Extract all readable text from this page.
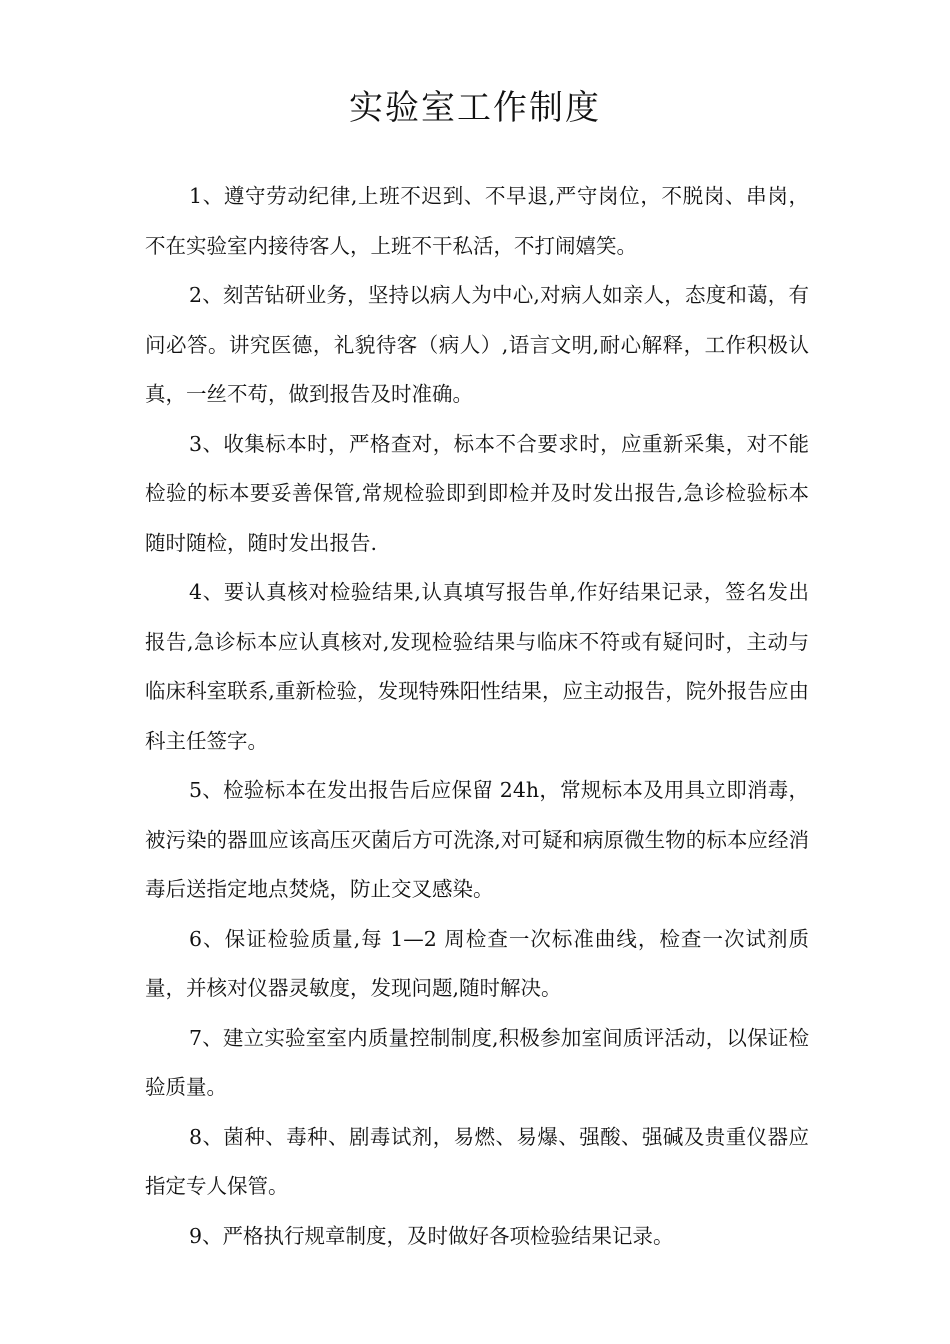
实验室工作制度

1、遵守劳动纪律,上班不迟到、不早退,严守岗位，不脱岗、串岗， 不在实验室内接待客人，上班不干私活，不打闹嬉笑。

2、刻苦钻研业务，坚持以病人为中心,对病人如亲人，态度和蔼，有问必答。讲究医德，礼貌待客（病人）,语言文明,耐心解释，工作积极认真，一丝不苟，做到报告及时准确。

3、收集标本时，严格查对，标本不合要求时，应重新采集，对不能检验的标本要妥善保管,常规检验即到即检并及时发出报告,急诊检验标本随时随检，随时发出报告.

4、要认真核对检验结果,认真填写报告单,作好结果记录，签名发出报告,急诊标本应认真核对,发现检验结果与临床不符或有疑问时，主动与临床科室联系,重新检验，发现特殊阳性结果，应主动报告，院外报告应由科主任签字。

5、检验标本在发出报告后应保留 24h，常规标本及用具立即消毒，被污染的器皿应该高压灭菌后方可洗涤,对可疑和病原微生物的标本应经消毒后送指定地点焚烧，防止交叉感染。

6、保证检验质量,每 1—2 周检查一次标准曲线，检查一次试剂质量，并核对仪器灵敏度，发现问题,随时解决。

7、建立实验室室内质量控制制度,积极参加室间质评活动，以保证检验质量。

8、菌种、毒种、剧毒试剂，易燃、易爆、强酸、强碱及贵重仪器应指定专人保管。

9、严格执行规章制度，及时做好各项检验结果记录。
